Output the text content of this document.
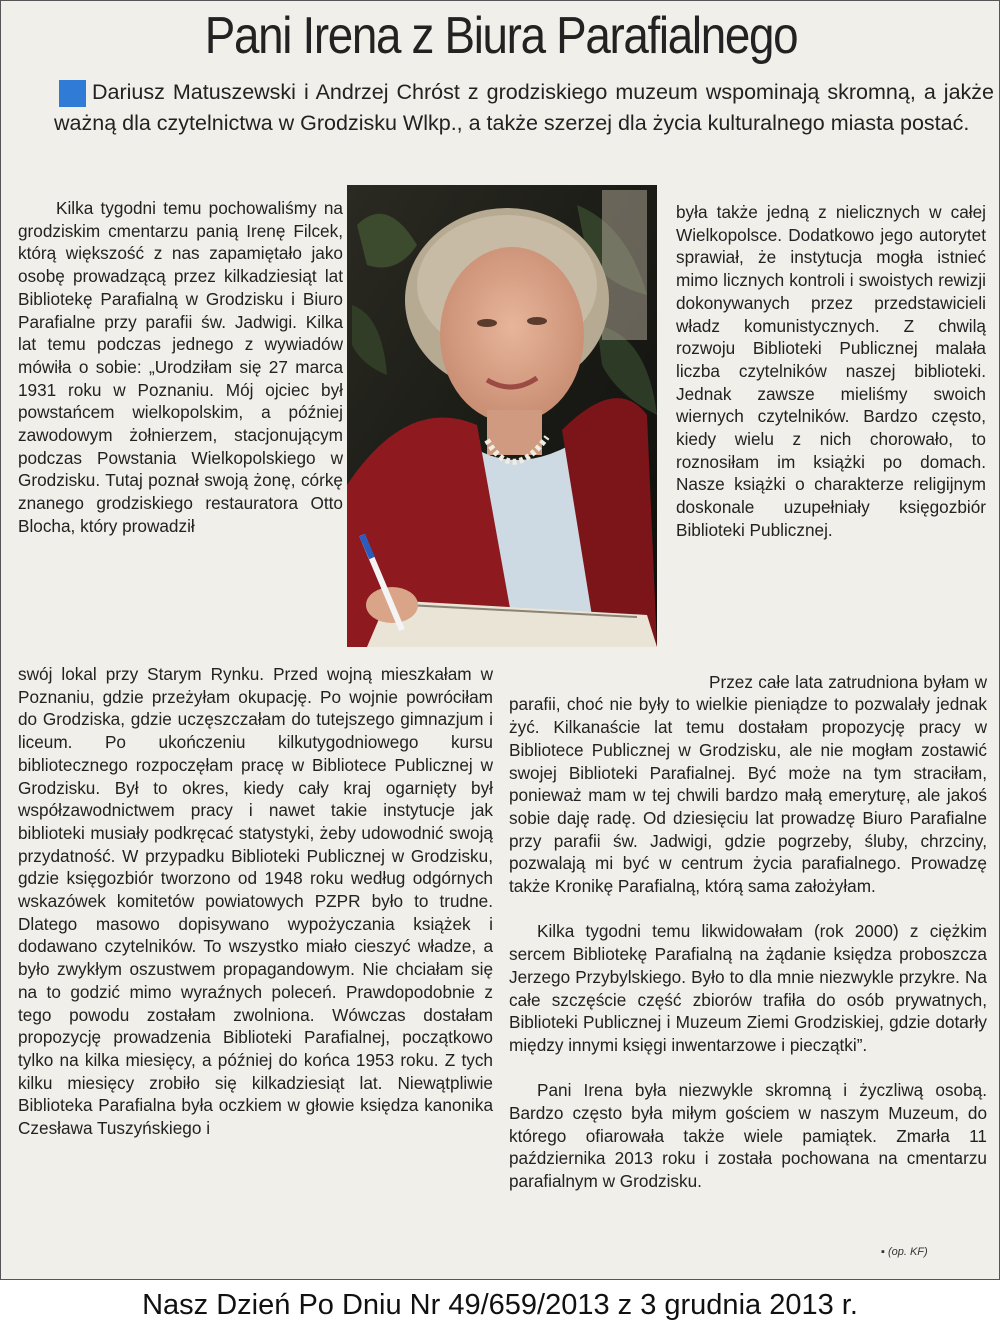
Pani Irena z Biura Parafialnego
Dariusz Matuszewski i Andrzej Chróst z grodziskiego muzeum wspominają skromną, a jakże ważną dla czytelnictwa w Grodzisku Wlkp., a także szerzej dla życia kulturalnego miasta postać.
Kilka tygodni temu pochowaliśmy na grodziskim cmentarzu panią Irenę Filcek, którą większość z nas zapamiętało jako osobę prowadzącą przez kilkadziesiąt lat Bibliotekę Parafialną w Grodzisku i Biuro Parafialne przy parafii św. Jadwigi. Kilka lat temu podczas jednego z wywiadów mówiła o sobie: „Urodziłam się 27 marca 1931 roku w Poznaniu. Mój ojciec był powstańcem wielkopolskim, a później zawodowym żołnierzem, stacjonującym podczas Powstania Wielkopolskiego w Grodzisku. Tutaj poznał swoją żonę, córkę znanego grodziskiego restauratora Otto Blocha, który prowadził
była także jedną z nielicznych w całej Wielkopolsce. Dodatkowo jego autorytet sprawiał, że instytucja mogła istnieć mimo licznych kontroli i swoistych rewizji dokonywanych przez przedstawicieli władz komunistycznych. Z chwilą rozwoju Biblioteki Publicznej malała liczba czytelników naszej biblioteki. Jednak zawsze mieliśmy swoich wiernych czytelników. Bardzo często, kiedy wielu z nich chorowało, to roznosiłam im książki po domach. Nasze książki o charakterze religijnym doskonale uzupełniały księgozbiór Biblioteki Publicznej.
swój lokal przy Starym Rynku. Przed wojną mieszkałam w Poznaniu, gdzie przeżyłam okupację. Po wojnie powróciłam do Grodziska, gdzie uczęszczałam do tutejszego gimnazjum i liceum. Po ukończeniu kilkutygodniowego kursu bibliotecznego rozpoczęłam pracę w Bibliotece Publicznej w Grodzisku. Był to okres, kiedy cały kraj ogarnięty był współzawodnictwem pracy i nawet takie instytucje jak biblioteki musiały podkręcać statystyki, żeby udowodnić swoją przydatność. W przypadku Biblioteki Publicznej w Grodzisku, gdzie księgozbiór tworzono od 1948 roku według odgórnych wskazówek komitetów powiatowych PZPR było to trudne. Dlatego masowo dopisywano wypożyczania książek i dodawano czytelników. To wszystko miało cieszyć władze, a było zwykłym oszustwem propagandowym. Nie chciałam się na to godzić mimo wyraźnych poleceń. Prawdopodobnie z tego powodu zostałam zwolniona. Wówczas dostałam propozycję prowadzenia Biblioteki Parafialnej, początkowo tylko na kilka miesięcy, a później do końca 1953 roku. Z tych kilku miesięcy zrobiło się kilkadziesiąt lat. Niewątpliwie Biblioteka Parafialna była oczkiem w głowie księdza kanonika Czesława Tuszyńskiego i

Przez całe lata zatrudniona byłam w parafii, choć nie były to wielkie pieniądze to pozwalały jednak żyć. Kilkanaście lat temu dostałam propozycję pracy w Bibliotece Publicznej w Grodzisku, ale nie mogłam zostawić swojej Biblioteki Parafialnej. Być może na tym straciłam, ponieważ mam w tej chwili bardzo małą emeryturę, ale jakoś sobie daję radę. Od dziesięciu lat prowadzę Biuro Parafialne przy parafii św. Jadwigi, gdzie pogrzeby, śluby, chrzciny, pozwalają mi być w centrum życia parafialnego. Prowadzę także Kronikę Parafialną, którą sama założyłam.

Kilka tygodni temu likwidowałam (rok 2000) z ciężkim sercem Bibliotekę Parafialną na żądanie księdza proboszcza Jerzego Przybylskiego. Było to dla mnie niezwykle przykre. Na całe szczęście część zbiorów trafiła do osób prywatnych, Biblioteki Publicznej i Muzeum Ziemi Grodziskiej, gdzie dotarły między innymi księgi inwentarzowe i pieczątki”.

Pani Irena była niezwykle skromną i życzliwą osobą. Bardzo często była miłym gościem w naszym Muzeum, do którego ofiarowała także wiele pamiątek. Zmarła 11 października 2013 roku i została pochowana na cmentarzu parafialnym w Grodzisku.

▪ (op. KF)
Nasz Dzień Po Dniu Nr 49/659/2013 z 3 grudnia 2013 r.
